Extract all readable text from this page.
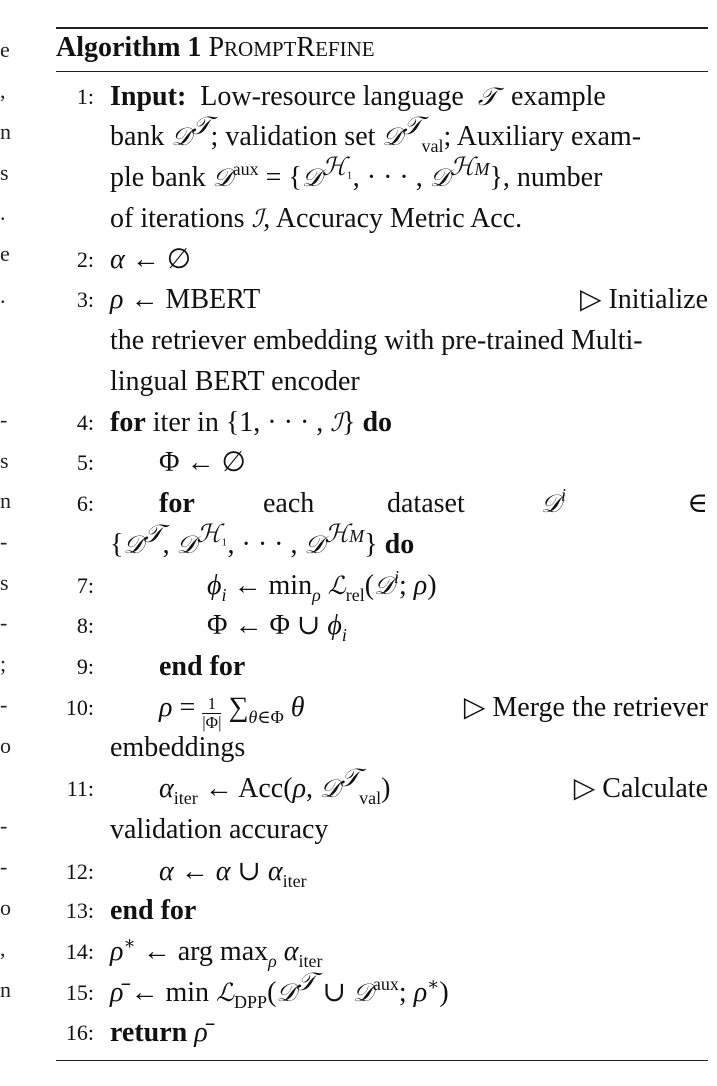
e
,
n
s
.
e
.
-
s
n
-
s
-
;
-
o
-
-
o
,
n
Algorithm 1 PROMPTREFINE
1: Input: Low-resource language 𝒯 example
bank 𝒟$^𝒯$; validation set 𝒟$^𝒯_{val}$; Auxiliary exam-
ple bank 𝒟$^{aux}$ = {𝒟$^{ℋ_1}$, · · · , 𝒟$^{ℋM}$}, number
of iterations ℐ, Accuracy Metric Acc.
2: α ← ∅
3: ρ ← MBERT	▷ Initialize
the retriever embedding with pre-trained Multi-
lingual BERT encoder
4: for iter in {1, · · · , ℐ} do
5: Φ ← ∅
6: for each	dataset	𝒟$^i$	∈
{𝒟$^𝒯$, 𝒟$^{ℋ_1}$, · · · , 𝒟$^{ℋM}$} do
7:	$\phi_i$ ← $\min_\rho$ ℒ$_{rel}$(𝒟$^i$; ρ)
8:	Φ ← Φ ∪ $\phi_i$
9: end for
10: $\rho = \frac{1}{|\Phi|} \sum_{\theta\in\Phi}$ θ	▷ Merge the retriever
embeddings
11: $\alpha_{iter}$ ← Acc(ρ, 𝒟$^𝒯_{val}$)	▷ Calculate
validation accuracy
12: α ← α ∪ $\alpha_{iter}$
13: end for
14: ρ∗ ← arg $\max_\rho \alpha_{iter}$
15: ρ̄ ← min ℒ$_{DPP}$(𝒟$^𝒯$ ∪ 𝒟$^{aux}$; ρ∗)
16: return ρ̄
